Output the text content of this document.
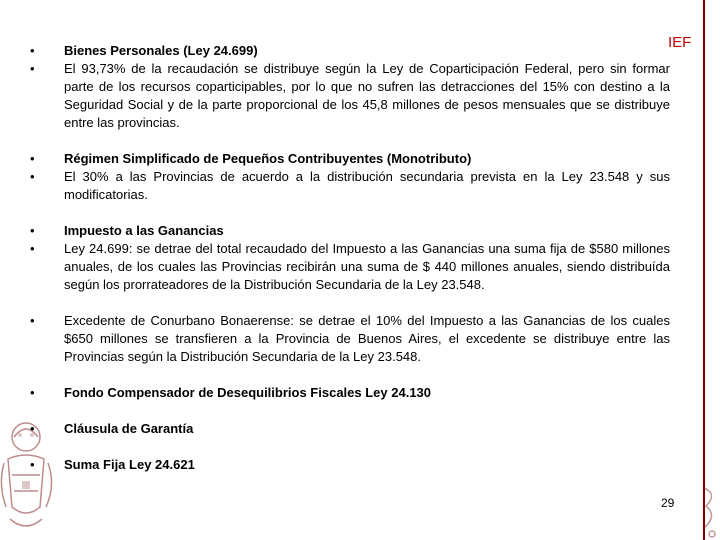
IEF
• Bienes Personales (Ley 24.699)
• El 93,73% de la recaudación se distribuye según la Ley de Coparticipación Federal, pero sin formar parte de los recursos coparticipables, por lo que no sufren las detracciones del 15% con destino a la Seguridad Social y de la parte proporcional de los 45,8 millones de pesos mensuales que se distribuye entre las provincias.
• Régimen Simplificado de Pequeños Contribuyentes (Monotributo)
• El 30% a las Provincias de acuerdo a la distribución secundaria prevista en la Ley 23.548 y sus modificatorias.
• Impuesto a las Ganancias
• Ley 24.699: se detrae del total recaudado del Impuesto a las Ganancias una suma fija de $580 millones anuales, de los cuales las Provincias recibirán una suma de $ 440 millones anuales, siendo distribuída según los prorrateadores de la Distribución Secundaria de la Ley 23.548.
• Excedente de Conurbano Bonaerense: se detrae el 10% del Impuesto a las Ganancias de los cuales $650 millones se transfieren a la Provincia de Buenos Aires, el excedente se distribuye entre las Provincias según la Distribución Secundaria de la Ley 23.548.
• Fondo Compensador de Desequilibrios Fiscales Ley 24.130
• Cláusula de Garantía
• Suma Fija Ley 24.621
29
